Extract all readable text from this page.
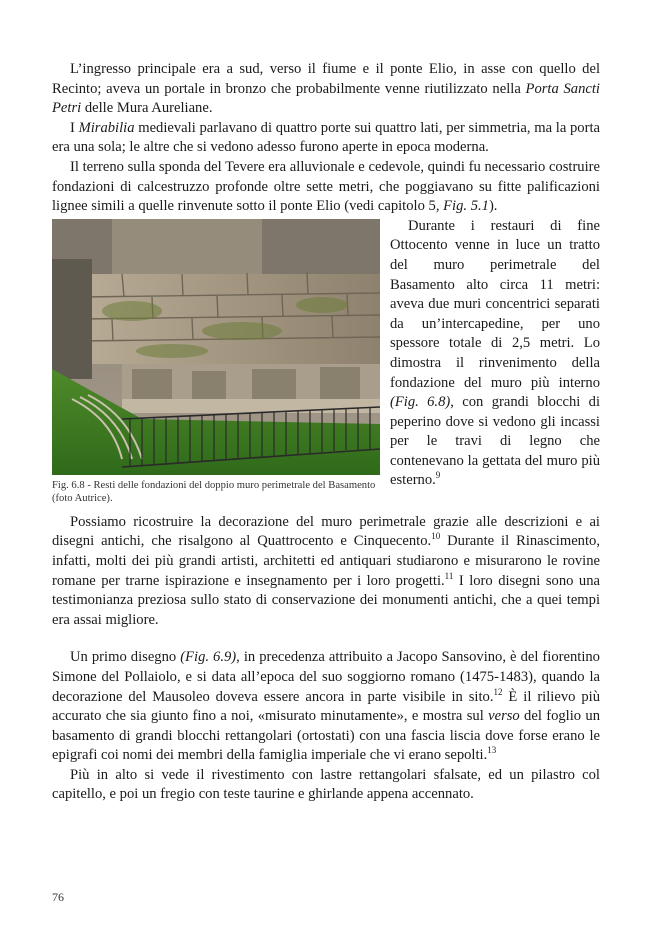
L’ingresso principale era a sud, verso il fiume e il ponte Elio, in asse con quello del Recinto; aveva un portale in bronzo che probabilmente venne riutilizzato nella Porta Sancti Petri delle Mura Aureliane.

I Mirabilia medievali parlavano di quattro porte sui quattro lati, per simmetria, ma la porta era una sola; le altre che si vedono adesso furono aperte in epoca moderna.

Il terreno sulla sponda del Tevere era alluvionale e cedevole, quindi fu necessario costruire fondazioni di calcestruzzo profonde oltre sette metri, che poggiavano su fitte palificazioni lignee simili a quelle rinvenute sotto il ponte Elio (vedi capitolo 5, Fig. 5.1).

Fig. 6.8 - Resti delle fondazioni del doppio muro perimetrale del Basamento (foto Autrice).

Durante i restauri di fine Ottocento venne in luce un tratto del muro perimetrale del Basamento alto circa 11 metri: aveva due muri concentrici separati da un’intercapedine, per uno spessore totale di 2,5 metri. Lo dimostra il rinvenimento della fondazione del muro più interno (Fig. 6.8), con grandi blocchi di peperino dove si vedono gli incassi per le travi di legno che contenevano la gettata del muro più esterno.$^9$

Possiamo ricostruire la decorazione del muro perimetrale grazie alle descrizioni e ai disegni antichi, che risalgono al Quattrocento e Cinquecento.$^{10}$ Durante il Rinascimento, infatti, molti dei più grandi artisti, architetti ed antiquari studiarono e misurarono le rovine romane per trarne ispirazione e insegnamento per i loro progetti.$^{11}$ I loro disegni sono una testimonianza preziosa sullo stato di conservazione dei monumenti antichi, che a quei tempi era assai migliore.

Un primo disegno (Fig. 6.9), in precedenza attribuito a Jacopo Sansovino, è del fiorentino Simone del Pollaiolo, e si data all’epoca del suo soggiorno romano (1475-1483), quando la decorazione del Mausoleo doveva essere ancora in parte visibile in sito.$^{12}$ È il rilievo più accurato che sia giunto fino a noi, «misurato minutamente», e mostra sul verso del foglio un basamento di grandi blocchi rettangolari (ortostati) con una fascia liscia dove forse erano le epigrafi coi nomi dei membri della famiglia imperiale che vi erano sepolti.$^{13}$

Più in alto si vede il rivestimento con lastre rettangolari sfalsate, ed un pilastro col capitello, e poi un fregio con teste taurine e ghirlande appena accennato.

76
